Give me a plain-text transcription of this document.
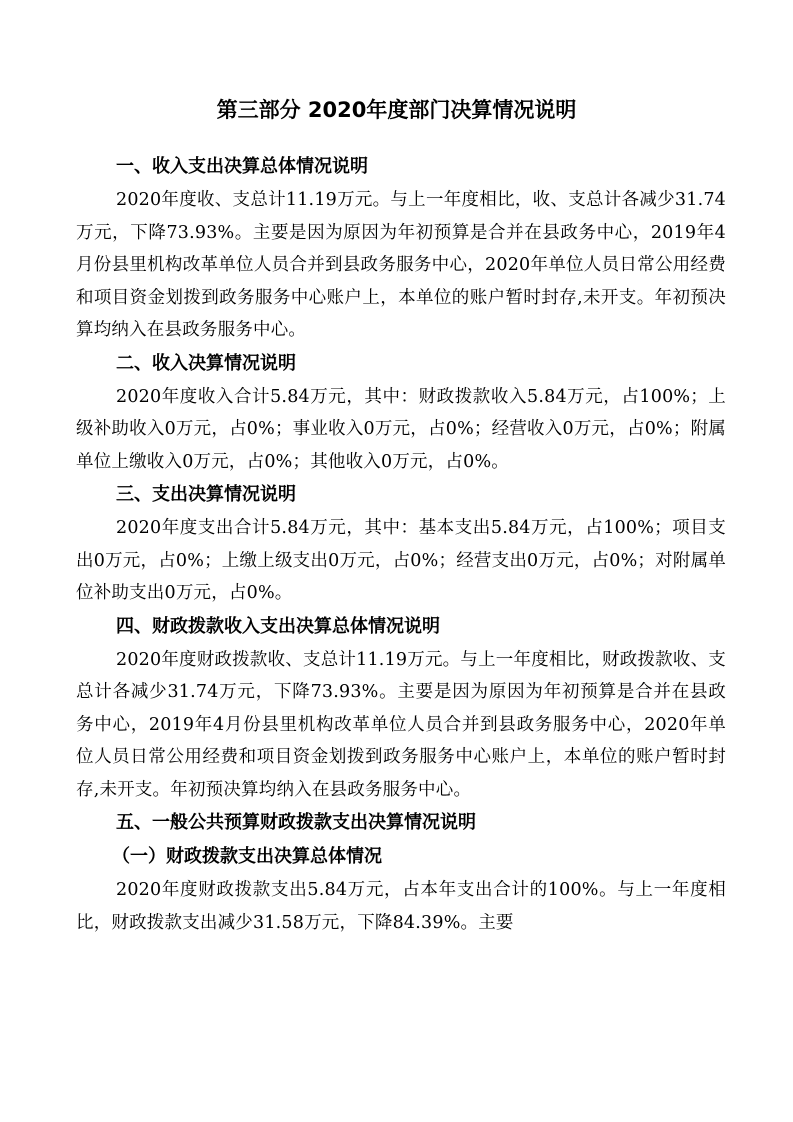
第三部分 2020年度部门决算情况说明
一、收入支出决算总体情况说明

2020年度收、支总计11.19万元。与上一年度相比，收、支总计各减少31.74万元，下降73.93%。主要是因为原因为年初预算是合并在县政务中心，2019年4月份县里机构改革单位人员合并到县政务服务中心，2020年单位人员日常公用经费和项目资金划拨到政务服务中心账户上，本单位的账户暂时封存,未开支。年初预决算均纳入在县政务服务中心。

二、收入决算情况说明

2020年度收入合计5.84万元，其中：财政拨款收入5.84万元，占100%；上级补助收入0万元，占0%；事业收入0万元，占0%；经营收入0万元，占0%；附属单位上缴收入0万元，占0%；其他收入0万元，占0%。

三、支出决算情况说明

2020年度支出合计5.84万元，其中：基本支出5.84万元，占100%；项目支出0万元，占0%；上缴上级支出0万元，占0%；经营支出0万元，占0%；对附属单位补助支出0万元，占0%。

四、财政拨款收入支出决算总体情况说明

2020年度财政拨款收、支总计11.19万元。与上一年度相比，财政拨款收、支总计各减少31.74万元，下降73.93%。主要是因为原因为年初预算是合并在县政务中心，2019年4月份县里机构改革单位人员合并到县政务服务中心，2020年单位人员日常公用经费和项目资金划拨到政务服务中心账户上，本单位的账户暂时封存,未开支。年初预决算均纳入在县政务服务中心。

五、一般公共预算财政拨款支出决算情况说明
（一）财政拨款支出决算总体情况

2020年度财政拨款支出5.84万元，占本年支出合计的100%。与上一年度相比，财政拨款支出减少31.58万元，下降84.39%。主要
